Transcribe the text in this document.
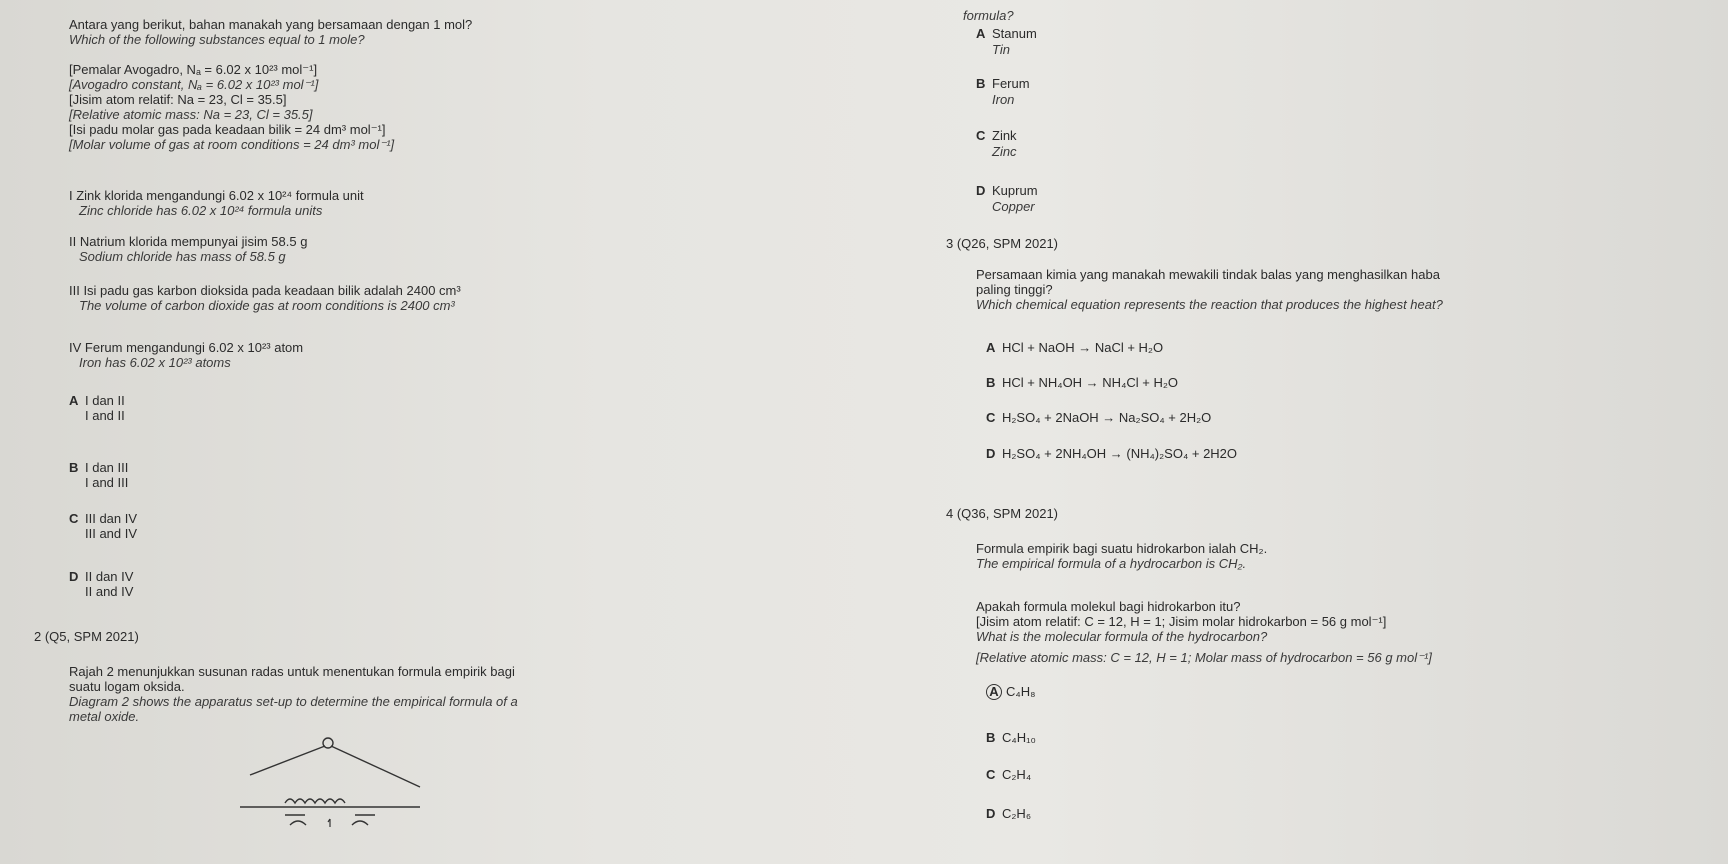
Antara yang berikut, bahan manakah yang bersamaan dengan 1 mol?
Which of the following substances equal to 1 mole?
[Pemalar Avogadro, Nₐ = 6.02 x 10²³ mol⁻¹]
[Avogadro constant, Nₐ = 6.02 x 10²³ mol⁻¹]
[Jisim atom relatif: Na = 23, Cl = 35.5]
[Relative atomic mass: Na = 23, Cl = 35.5]
[Isi padu molar gas pada keadaan bilik = 24 dm³ mol⁻¹]
[Molar volume of gas at room conditions = 24 dm³ mol⁻¹]
I Zink klorida mengandungi 6.02 x 10²⁴ formula unit
Zinc chloride has 6.02 x 10²⁴ formula units
II Natrium klorida mempunyai jisim 58.5 g
Sodium chloride has mass of 58.5 g
III Isi padu gas karbon dioksida pada keadaan bilik adalah 2400 cm³
The volume of carbon dioxide gas at room conditions is 2400 cm³
IV Ferum mengandungi 6.02 x 10²³ atom
Iron has 6.02 x 10²³ atoms
A I dan II
I and II
B I dan III
I and III
C III dan IV
III and IV
D II dan IV
II and IV
2 (Q5, SPM 2021)
Rajah 2 menunjukkan susunan radas untuk menentukan formula empirik bagi
suatu logam oksida.
Diagram 2 shows the apparatus set-up to determine the empirical formula of a
metal oxide.
formula?
A Stanum
Tin
B Ferum
Iron
C Zink
Zinc
D Kuprum
Copper
3 (Q26, SPM 2021)
Persamaan kimia yang manakah mewakili tindak balas yang menghasilkan haba
paling tinggi?
Which chemical equation represents the reaction that produces the highest heat?
A HCl + NaOH → NaCl + H₂O
B HCl + NH₄OH → NH₄Cl + H₂O
C H₂SO₄ + 2NaOH → Na₂SO₄ + 2H₂O
D H₂SO₄ + 2NH₄OH → (NH₄)₂SO₄ + 2H2O
4 (Q36, SPM 2021)
Formula empirik bagi suatu hidrokarbon ialah CH₂.
The empirical formula of a hydrocarbon is CH₂.
Apakah formula molekul bagi hidrokarbon itu?
[Jisim atom relatif: C = 12, H = 1; Jisim molar hidrokarbon = 56 g mol⁻¹]
What is the molecular formula of the hydrocarbon?
[Relative atomic mass: C = 12, H = 1; Molar mass of hydrocarbon = 56 g mol⁻¹]
A C₄H₈
B C₄H₁₀
C C₂H₄
D C₂H₆
